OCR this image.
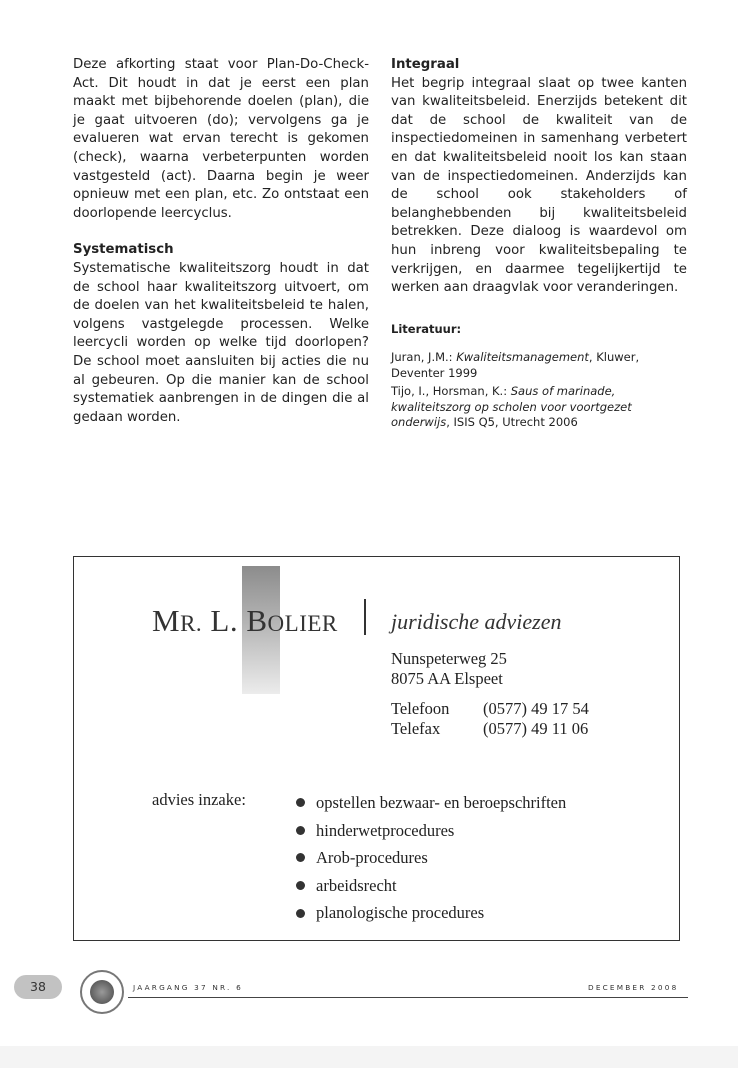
Deze afkorting staat voor Plan-Do-Check-Act. Dit houdt in dat je eerst een plan maakt met bijbehorende doelen (plan), die je gaat uitvoeren (do); vervolgens ga je evalueren wat ervan terecht is gekomen (check), waarna verbeterpunten worden vastgesteld (act). Daarna begin je weer opnieuw met een plan, etc. Zo ontstaat een doorlopende leercyclus.

Systematisch

Systematische kwaliteitszorg houdt in dat de school haar kwaliteitszorg uitvoert, om de doelen van het kwaliteitsbeleid te halen, volgens vastgelegde processen. Welke leercycli worden op welke tijd doorlopen? De school moet aansluiten bij acties die nu al gebeuren. Op die manier kan de school systematiek aanbrengen in de dingen die al gedaan worden.

Integraal

Het begrip integraal slaat op twee kanten van kwaliteitsbeleid. Enerzijds betekent dit dat de school de kwaliteit van de inspectiedomeinen in samenhang verbetert en dat kwaliteitsbeleid nooit los kan staan van de inspectiedomeinen. Anderzijds kan de school ook stakeholders of belanghebbenden bij kwaliteitsbeleid betrekken. Deze dialoog is waardevol om hun inbreng voor kwaliteitsbepaling te verkrijgen, en daarmee tegelijkertijd te werken aan draagvlak voor veranderingen.

Literatuur:

Juran, J.M.: Kwaliteitsmanagement, Kluwer, Deventer 1999

Tijo, I., Horsman, K.: Saus of marinade, kwaliteitszorg op scholen voor voortgezet onderwijs, ISIS Q5, Utrecht 2006

MR. L. BOLIER juridische adviezen
Nunspeterweg 25
8075 AA Elspeet
Telefoon	(0577) 49 17 54
Telefax	(0577) 49 11 06
advies inzake:	opstellen bezwaar- en beroepschriften
hinderwetprocedures
Arob-procedures
arbeidsrecht
planologische procedures
38	JAARGANG 37 NR. 6	DECEMBER 2008
